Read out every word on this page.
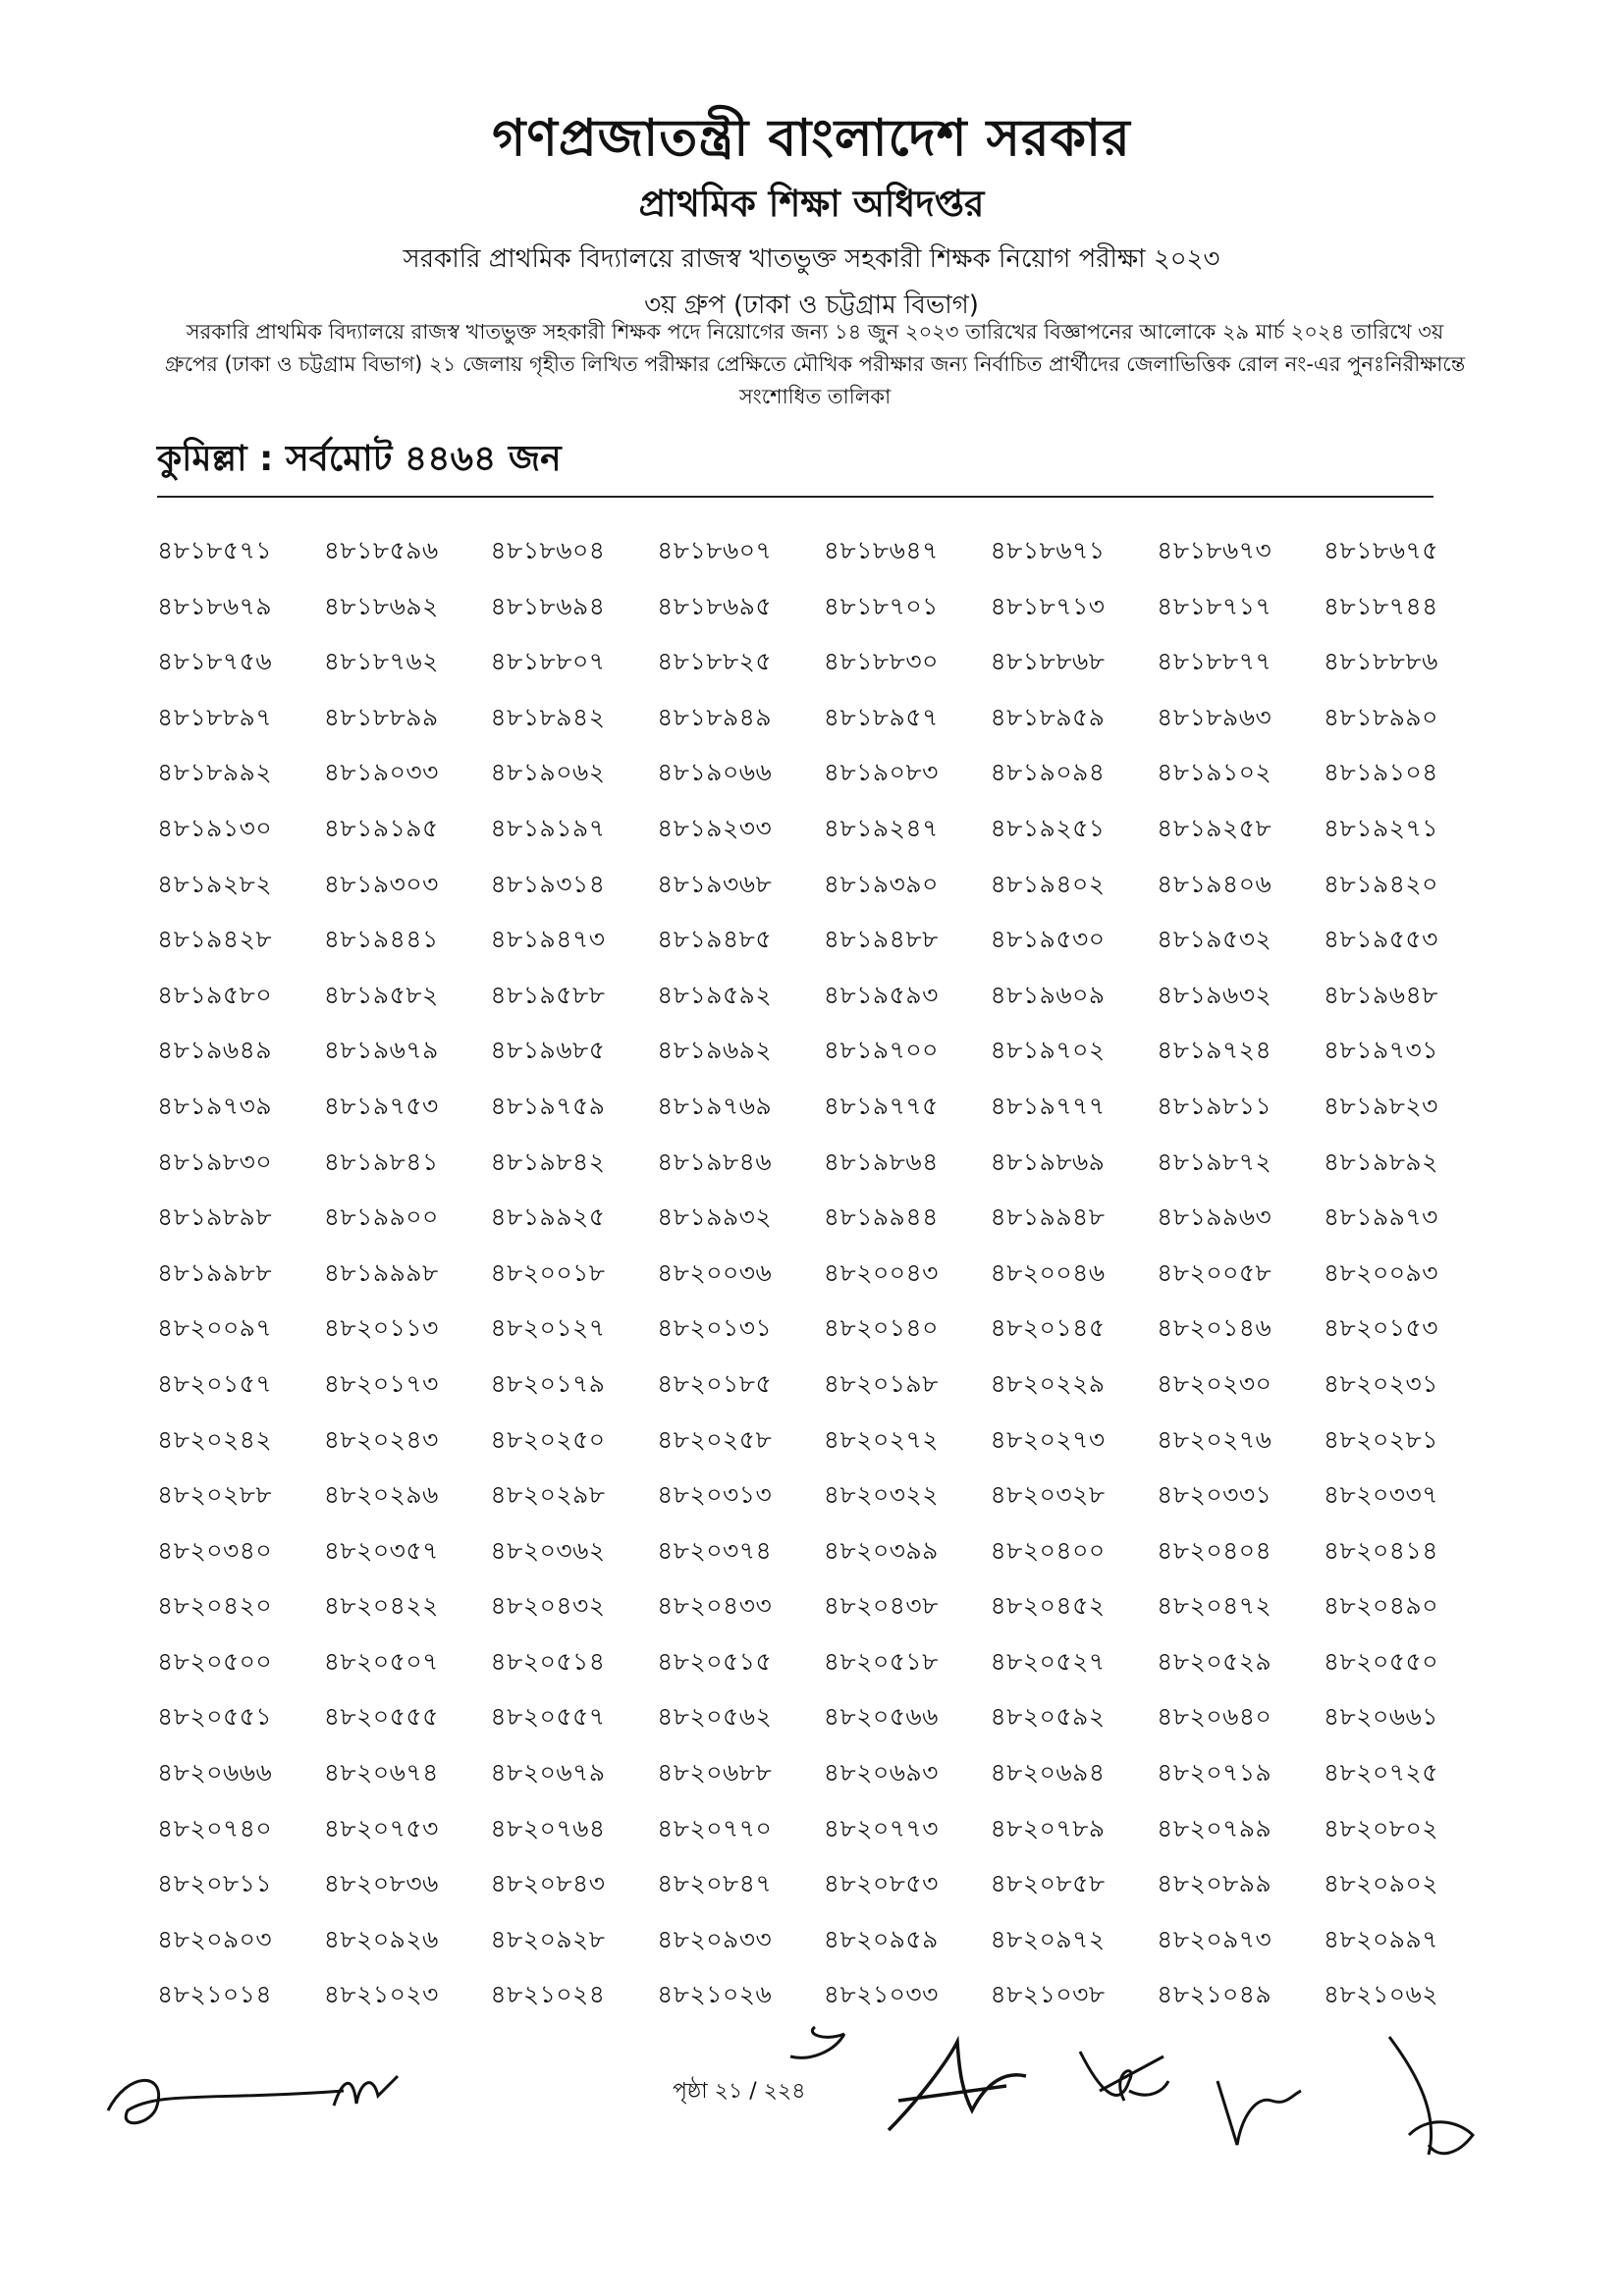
গণপ্রজাতন্ত্রী বাংলাদেশ সরকার
প্রাথমিক শিক্ষা অধিদপ্তর
সরকারি প্রাথমিক বিদ্যালয়ে রাজস্ব খাতভুক্ত সহকারী শিক্ষক নিয়োগ পরীক্ষা ২০২৩
৩য় গ্রুপ (ঢাকা ও চট্টগ্রাম বিভাগ)
সরকারি প্রাথমিক বিদ্যালয়ে রাজস্ব খাতভুক্ত সহকারী শিক্ষক পদে নিয়োগের জন্য ১৪ জুন ২০২৩ তারিখের বিজ্ঞাপনের আলোকে ২৯ মার্চ ২০২৪ তারিখে ৩য় গ্রুপের (ঢাকা ও চট্টগ্রাম বিভাগ) ২১ জেলায় গৃহীত লিখিত পরীক্ষার প্রেক্ষিতে মৌখিক পরীক্ষার জন্য নির্বাচিত প্রার্থীদের জেলাভিত্তিক রোল নং-এর পুনঃনিরীক্ষান্তে সংশোধিত তালিকা
কুমিল্লা : সর্বমোট ৪৪৬৪ জন
৪৮১৮৫৭১	৪৮১৮৫৯৬	৪৮১৮৬০৪	৪৮১৮৬০৭	৪৮১৮৬৪৭	৪৮১৮৬৭১	৪৮১৮৬৭৩	৪৮১৮৬৭৫
৪৮১৮৬৭৯	৪৮১৮৬৯২	৪৮১৮৬৯৪	৪৮১৮৬৯৫	৪৮১৮৭০১	৪৮১৮৭১৩	৪৮১৮৭১৭	৪৮১৮৭৪৪
৪৮১৮৭৫৬	৪৮১৮৭৬২	৪৮১৮৮০৭	৪৮১৮৮২৫	৪৮১৮৮৩০	৪৮১৮৮৬৮	৪৮১৮৮৭৭	৪৮১৮৮৮৬
৪৮১৮৮৯৭	৪৮১৮৮৯৯	৪৮১৮৯৪২	৪৮১৮৯৪৯	৪৮১৮৯৫৭	৪৮১৮৯৫৯	৪৮১৮৯৬৩	৪৮১৮৯৯০
৪৮১৮৯৯২	৪৮১৯০৩৩	৪৮১৯০৬২	৪৮১৯০৬৬	৪৮১৯০৮৩	৪৮১৯০৯৪	৪৮১৯১০২	৪৮১৯১০৪
৪৮১৯১৩০	৪৮১৯১৯৫	৪৮১৯১৯৭	৪৮১৯২৩৩	৪৮১৯২৪৭	৪৮১৯২৫১	৪৮১৯২৫৮	৪৮১৯২৭১
৪৮১৯২৮২	৪৮১৯৩০৩	৪৮১৯৩১৪	৪৮১৯৩৬৮	৪৮১৯৩৯০	৪৮১৯৪০২	৪৮১৯৪০৬	৪৮১৯৪২০
৪৮১৯৪২৮	৪৮১৯৪৪১	৪৮১৯৪৭৩	৪৮১৯৪৮৫	৪৮১৯৪৮৮	৪৮১৯৫৩০	৪৮১৯৫৩২	৪৮১৯৫৫৩
৪৮১৯৫৮০	৪৮১৯৫৮২	৪৮১৯৫৮৮	৪৮১৯৫৯২	৪৮১৯৫৯৩	৪৮১৯৬০৯	৪৮১৯৬৩২	৪৮১৯৬৪৮
৪৮১৯৬৪৯	৪৮১৯৬৭৯	৪৮১৯৬৮৫	৪৮১৯৬৯২	৪৮১৯৭০০	৪৮১৯৭০২	৪৮১৯৭২৪	৪৮১৯৭৩১
৪৮১৯৭৩৯	৪৮১৯৭৫৩	৪৮১৯৭৫৯	৪৮১৯৭৬৯	৪৮১৯৭৭৫	৪৮১৯৭৭৭	৪৮১৯৮১১	৪৮১৯৮২৩
৪৮১৯৮৩০	৪৮১৯৮৪১	৪৮১৯৮৪২	৪৮১৯৮৪৬	৪৮১৯৮৬৪	৪৮১৯৮৬৯	৪৮১৯৮৭২	৪৮১৯৮৯২
৪৮১৯৮৯৮	৪৮১৯৯০০	৪৮১৯৯২৫	৪৮১৯৯৩২	৪৮১৯৯৪৪	৪৮১৯৯৪৮	৪৮১৯৯৬৩	৪৮১৯৯৭৩
৪৮১৯৯৮৮	৪৮১৯৯৯৮	৪৮২০০১৮	৪৮২০০৩৬	৪৮২০০৪৩	৪৮২০০৪৬	৪৮২০০৫৮	৪৮২০০৯৩
৪৮২০০৯৭	৪৮২০১১৩	৪৮২০১২৭	৪৮২০১৩১	৪৮২০১৪০	৪৮২০১৪৫	৪৮২০১৪৬	৪৮২০১৫৩
৪৮২০১৫৭	৪৮২০১৭৩	৪৮২০১৭৯	৪৮২০১৮৫	৪৮২০১৯৮	৪৮২০২২৯	৪৮২০২৩০	৪৮২০২৩১
৪৮২০২৪২	৪৮২০২৪৩	৪৮২০২৫০	৪৮২০২৫৮	৪৮২০২৭২	৪৮২০২৭৩	৪৮২০২৭৬	৪৮২০২৮১
৪৮২০২৮৮	৪৮২০২৯৬	৪৮২০২৯৮	৪৮২০৩১৩	৪৮২০৩২২	৪৮২০৩২৮	৪৮২০৩৩১	৪৮২০৩৩৭
৪৮২০৩৪০	৪৮২০৩৫৭	৪৮২০৩৬২	৪৮২০৩৭৪	৪৮২০৩৯৯	৪৮২০৪০০	৪৮২০৪০৪	৪৮২০৪১৪
৪৮২০৪২০	৪৮২০৪২২	৪৮২০৪৩২	৪৮২০৪৩৩	৪৮২০৪৩৮	৪৮২০৪৫২	৪৮২০৪৭২	৪৮২০৪৯০
৪৮২০৫০০	৪৮২০৫০৭	৪৮২০৫১৪	৪৮২০৫১৫	৪৮২০৫১৮	৪৮২০৫২৭	৪৮২০৫২৯	৪৮২০৫৫০
৪৮২০৫৫১	৪৮২০৫৫৫	৪৮২০৫৫৭	৪৮২০৫৬২	৪৮২০৫৬৬	৪৮২০৫৯২	৪৮২০৬৪০	৪৮২০৬৬১
৪৮২০৬৬৬	৪৮২০৬৭৪	৪৮২০৬৭৯	৪৮২০৬৮৮	৪৮২০৬৯৩	৪৮২০৬৯৪	৪৮২০৭১৯	৪৮২০৭২৫
৪৮২০৭৪০	৪৮২০৭৫৩	৪৮২০৭৬৪	৪৮২০৭৭০	৪৮২০৭৭৩	৪৮২০৭৮৯	৪৮২০৭৯৯	৪৮২০৮০২
৪৮২০৮১১	৪৮২০৮৩৬	৪৮২০৮৪৩	৪৮২০৮৪৭	৪৮২০৮৫৩	৪৮২০৮৫৮	৪৮২০৮৯৯	৪৮২০৯০২
৪৮২০৯০৩	৪৮২০৯২৬	৪৮২০৯২৮	৪৮২০৯৩৩	৪৮২০৯৫৯	৪৮২০৯৭২	৪৮২০৯৭৩	৪৮২০৯৯৭
৪৮২১০১৪	৪৮২১০২৩	৪৮২১০২৪	৪৮২১০২৬	৪৮২১০৩৩	৪৮২১০৩৮	৪৮২১০৪৯	৪৮২১০৬২
পৃষ্ঠা ২১ / ২২৪
